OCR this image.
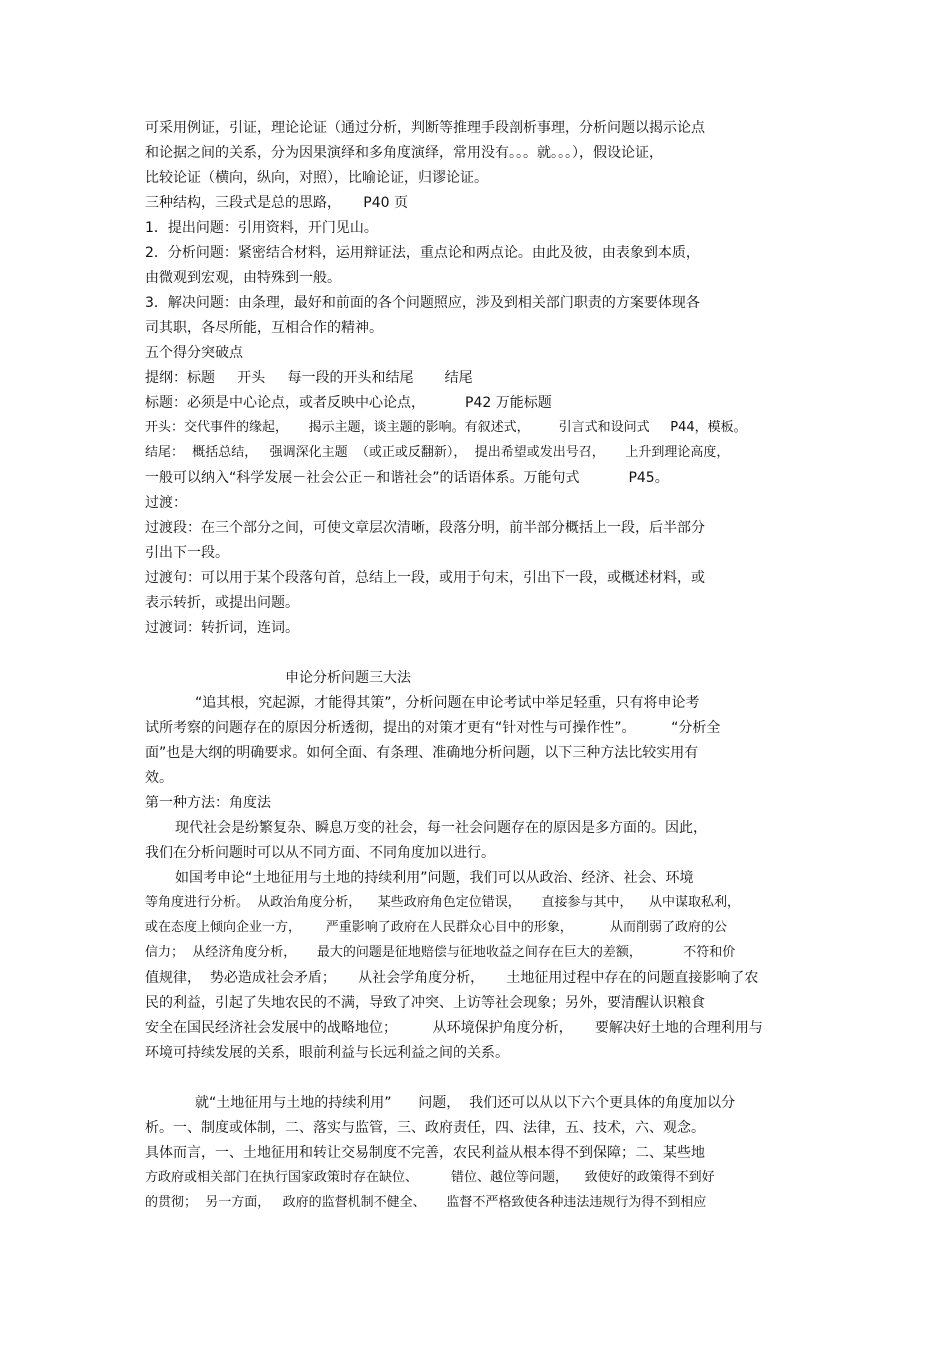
可采用例证，引证，理论论证（通过分析，判断等推理手段剖析事理，分析问题以揭示论点
和论据之间的关系，分为因果演绎和多角度演绎，常用没有。。。就。。。），假设论证，
比较论证（横向，纵向，对照），比喻论证，归谬论证。
三种结构，三段式是总的思路，     P40 页
1．提出问题：引用资料，开门见山。
2．分析问题：紧密结合材料，运用辩证法，重点论和两点论。由此及彼，由表象到本质，
由微观到宏观，由特殊到一般。
3．解决问题：由条理，最好和前面的各个问题照应，涉及到相关部门职责的方案要体现各
司其职，各尽所能，互相合作的精神。
五个得分突破点
提纲：标题     开头     每一段的开头和结尾       结尾
标题：必须是中心论点，或者反映中心论点，         P42 万能标题
开头：交代事件的缘起，     揭示主题，谈主题的影响。有叙述式，       引言式和设问式     P44，模板。
结尾：  概括总结，   强调深化主题  （或正或反翻新），  提出希望或发出号召，     上升到理论高度，
一般可以纳入“科学发展－社会公正－和谐社会”的话语体系。万能句式           P45。
过渡：
过渡段：在三个部分之间，可使文章层次清晰，段落分明，前半部分概括上一段，后半部分
引出下一段。
过渡句：可以用于某个段落句首，总结上一段，或用于句末，引出下一段，或概述材料，或
表示转折，或提出问题。
过渡词：转折词，连词。
申论分析问题三大法
“追其根，究起源，才能得其策”，分析问题在申论考试中举足轻重，只有将申论考
试所考察的问题存在的原因分析透彻，提出的对策才更有“针对性与可操作性”。        “分析全
面”也是大纲的明确要求。如何全面、有条理、准确地分析问题，以下三种方法比较实用有
效。
第一种方法：角度法
现代社会是纷繁复杂、瞬息万变的社会，每一社会问题存在的原因是多方面的。因此，
我们在分析问题时可以从不同方面、不同角度加以进行。
如国考申论“土地征用与土地的持续利用”问题，我们可以从政治、经济、社会、环境
等角度进行分析。  从政治角度分析，    某些政府角色定位错误，     直接参与其中，    从中谋取私利，
或在态度上倾向企业一方，      严重影响了政府在人民群众心目中的形象，         从而削弱了政府的公
信力；  从经济角度分析，     最大的问题是征地赔偿与征地收益之间存在巨大的差额，          不符和价
值规律，  势必造成社会矛盾；     从社会学角度分析，     土地征用过程中存在的问题直接影响了农
民的利益，引起了失地农民的不满，导致了冲突、上访等社会现象；另外，要清醒认识粮食
安全在国民经济社会发展中的战略地位；        从环境保护角度分析，     要解决好土地的合理利用与
环境可持续发展的关系，眼前利益与长远利益之间的关系。
就“土地征用与土地的持续利用”      问题，  我们还可以从以下六个更具体的角度加以分
析。一、制度或体制，二、落实与监管，三、政府责任，四、法律，五、技术，六、观念。
具体而言，一、土地征用和转让交易制度不完善，农民利益从根本得不到保障；二、某些地
方政府或相关部门在执行国家政策时存在缺位、        错位、越位等问题，    致使好的政策得不到好
的贯彻；  另一方面，   政府的监督机制不健全、     监督不严格致使各种违法违规行为得不到相应
